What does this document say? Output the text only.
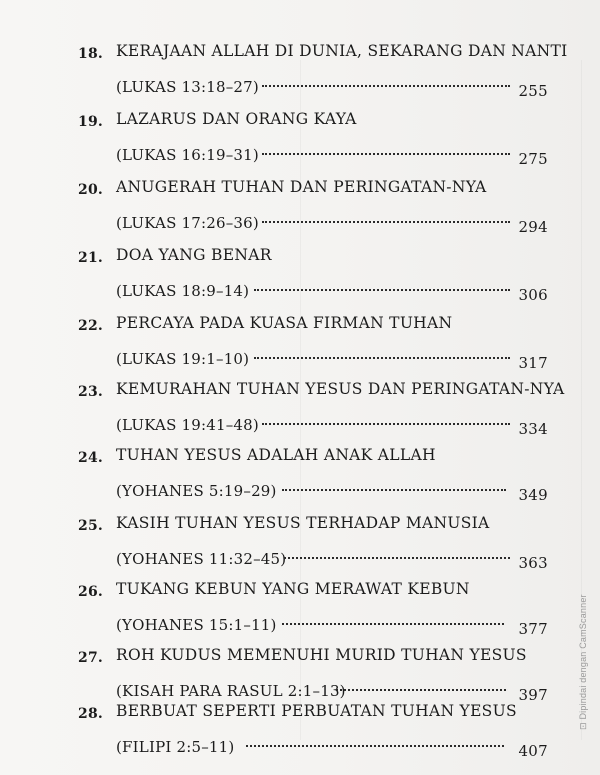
18. KERAJAAN ALLAH DI DUNIA, SEKARANG DAN NANTI
(LUKAS 13:18–27)	255
19. LAZARUS DAN ORANG KAYA
(LUKAS 16:19–31)	275
20. ANUGERAH TUHAN DAN PERINGATAN-NYA
(LUKAS 17:26–36)	294
21. DOA YANG BENAR
(LUKAS 18:9–14)	306
22. PERCAYA PADA KUASA FIRMAN TUHAN
(LUKAS 19:1–10)	317
23. KEMURAHAN TUHAN YESUS DAN PERINGATAN-NYA
(LUKAS 19:41–48)	334
24. TUHAN YESUS ADALAH ANAK ALLAH
(YOHANES 5:19–29)	349
25. KASIH TUHAN YESUS TERHADAP MANUSIA
(YOHANES 11:32–45)	363
26. TUKANG KEBUN YANG MERAWAT KEBUN
(YOHANES 15:1–11)	377
27. ROH KUDUS MEMENUHI MURID TUHAN YESUS
(KISAH PARA RASUL 2:1–13)	397
28. BERBUAT SEPERTI PERBUATAN TUHAN YESUS
(FILIPI 2:5–11)	407
⊡ Dipindai dengan CamScanner
